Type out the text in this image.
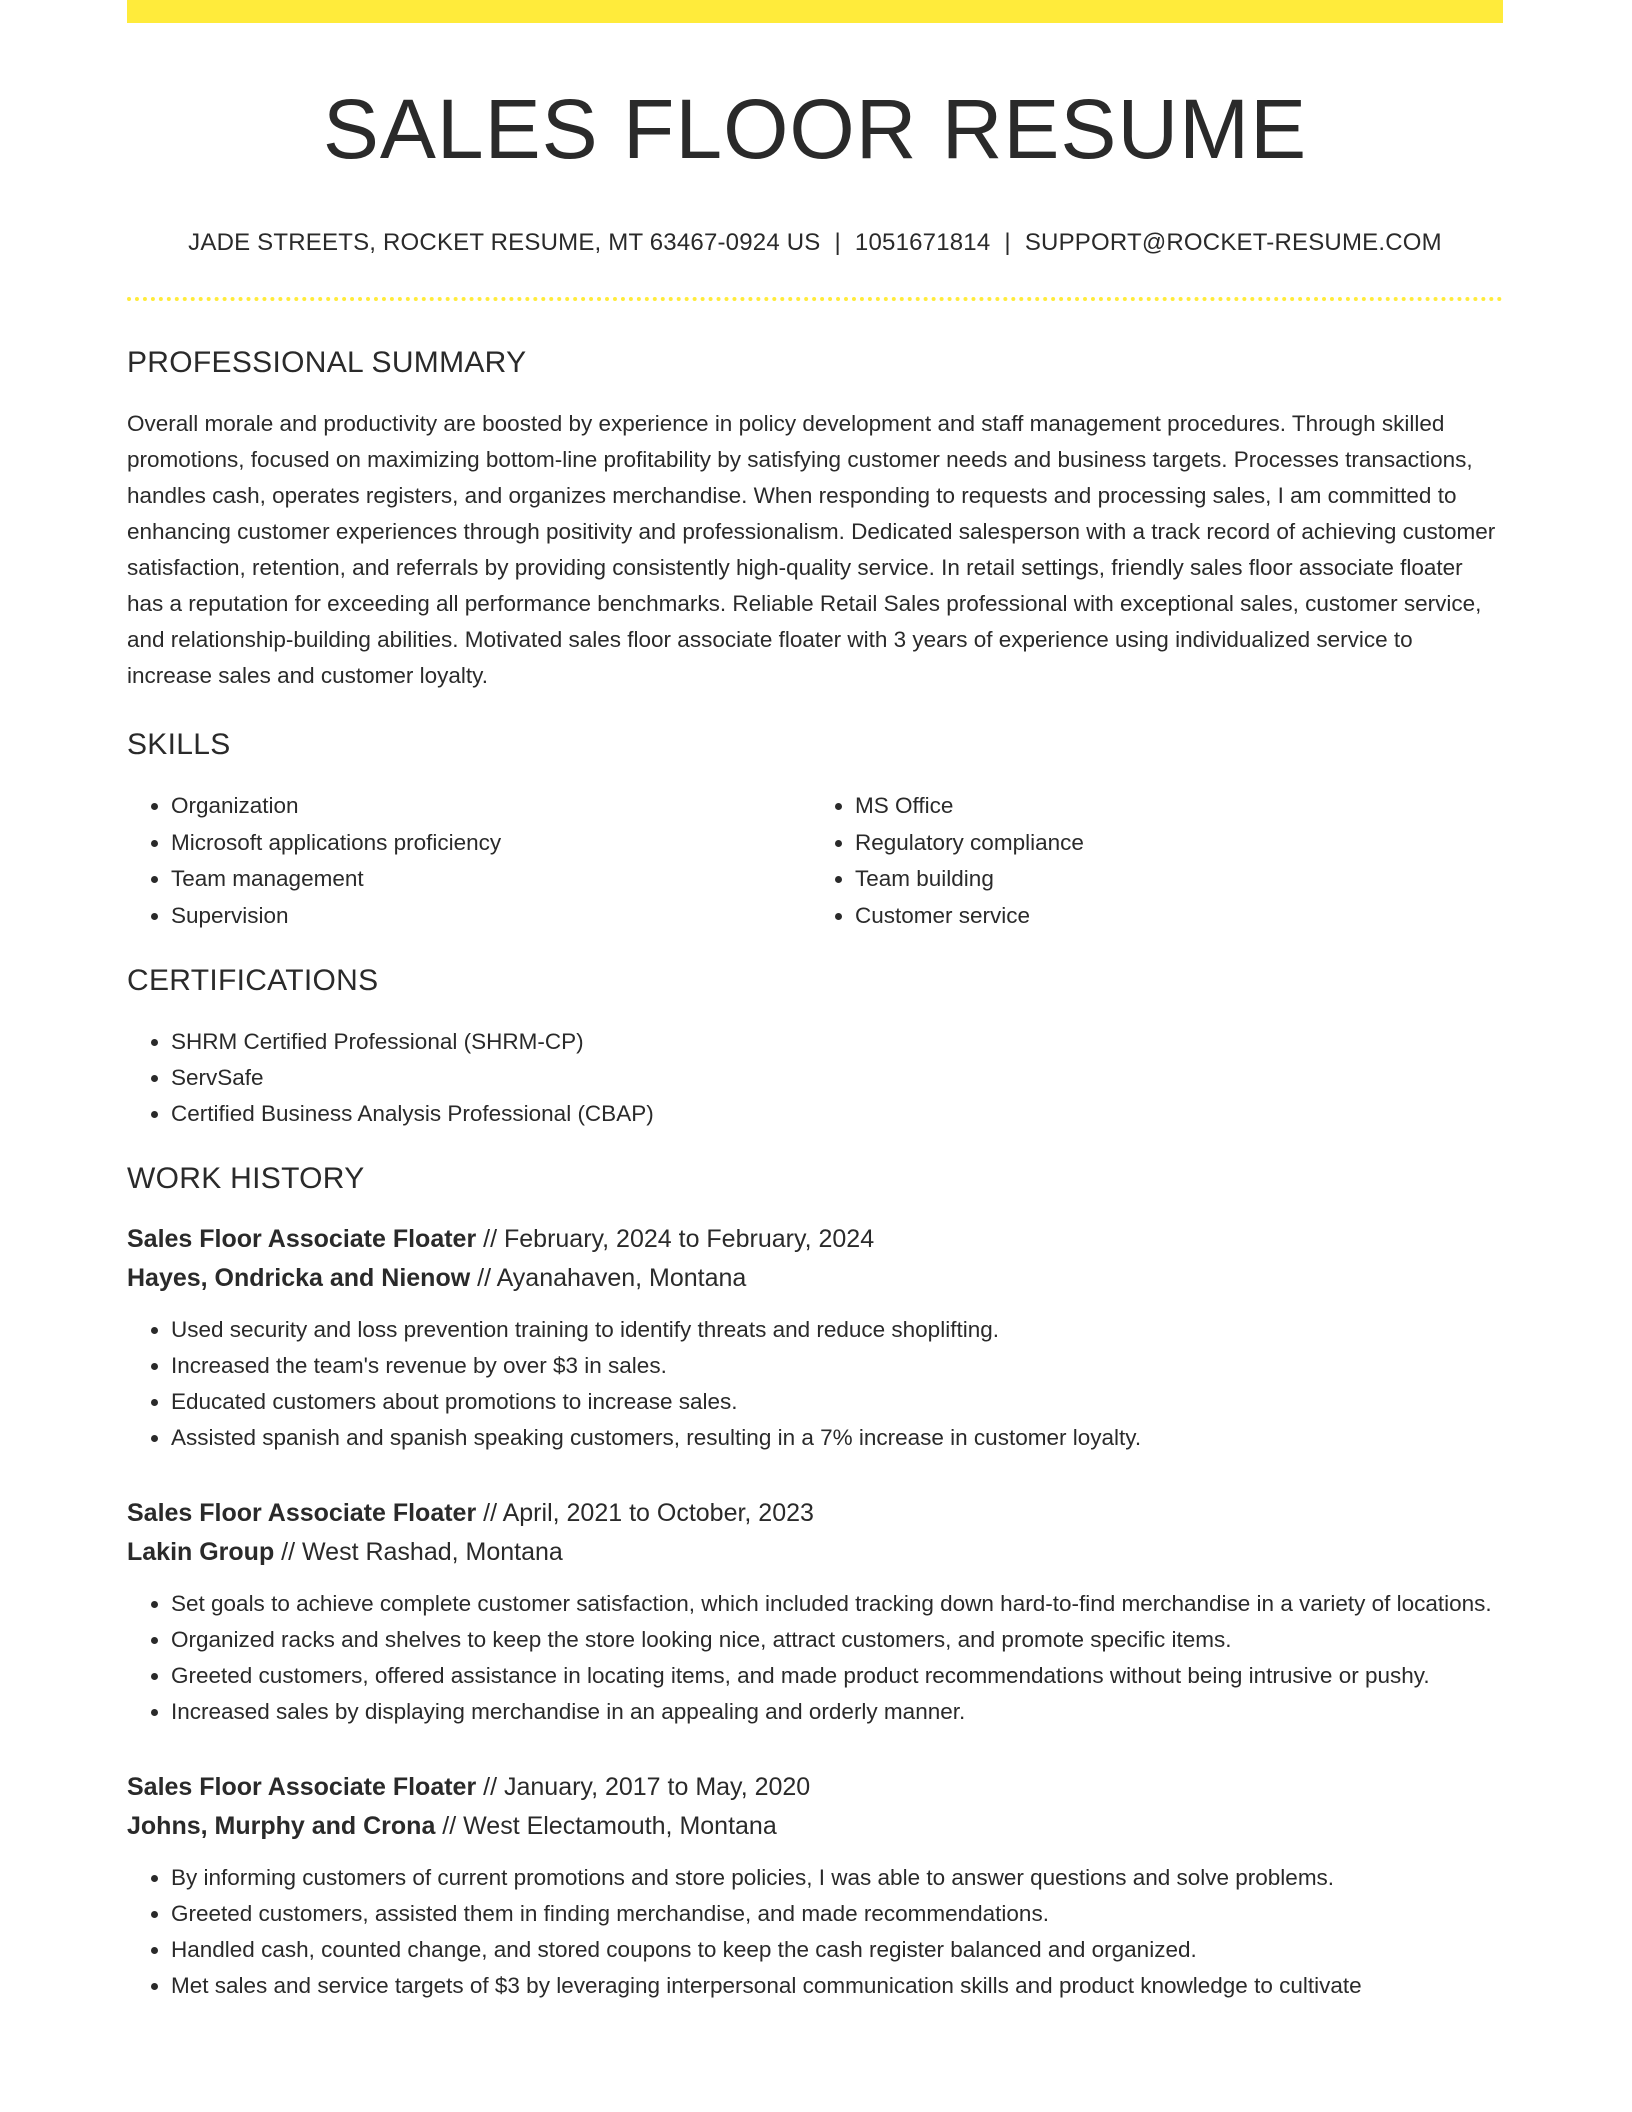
SALES FLOOR RESUME
JADE STREETS, ROCKET RESUME, MT 63467-0924 US | 1051671814 | SUPPORT@ROCKET-RESUME.COM
PROFESSIONAL SUMMARY

Overall morale and productivity are boosted by experience in policy development and staff management procedures. Through skilled promotions, focused on maximizing bottom-line profitability by satisfying customer needs and business targets. Processes transactions, handles cash, operates registers, and organizes merchandise. When responding to requests and processing sales, I am committed to enhancing customer experiences through positivity and professionalism. Dedicated salesperson with a track record of achieving customer satisfaction, retention, and referrals by providing consistently high-quality service. In retail settings, friendly sales floor associate floater has a reputation for exceeding all performance benchmarks. Reliable Retail Sales professional with exceptional sales, customer service, and relationship-building abilities. Motivated sales floor associate floater with 3 years of experience using individualized service to increase sales and customer loyalty.

SKILLS
• Organization
• Microsoft applications proficiency
• Team management
• Supervision
• MS Office
• Regulatory compliance
• Team building
• Customer service
CERTIFICATIONS
• SHRM Certified Professional (SHRM-CP)
• ServSafe
• Certified Business Analysis Professional (CBAP)
WORK HISTORY
Sales Floor Associate Floater // February, 2024 to February, 2024
Hayes, Ondricka and Nienow // Ayanahaven, Montana
• Used security and loss prevention training to identify threats and reduce shoplifting.
• Increased the team's revenue by over $3 in sales.
• Educated customers about promotions to increase sales.
• Assisted spanish and spanish speaking customers, resulting in a 7% increase in customer loyalty.
Sales Floor Associate Floater // April, 2021 to October, 2023
Lakin Group // West Rashad, Montana
• Set goals to achieve complete customer satisfaction, which included tracking down hard-to-find merchandise in a variety of locations.
• Organized racks and shelves to keep the store looking nice, attract customers, and promote specific items.
• Greeted customers, offered assistance in locating items, and made product recommendations without being intrusive or pushy.
• Increased sales by displaying merchandise in an appealing and orderly manner.
Sales Floor Associate Floater // January, 2017 to May, 2020
Johns, Murphy and Crona // West Electamouth, Montana
• By informing customers of current promotions and store policies, I was able to answer questions and solve problems.
• Greeted customers, assisted them in finding merchandise, and made recommendations.
• Handled cash, counted change, and stored coupons to keep the cash register balanced and organized.
• Met sales and service targets of $3 by leveraging interpersonal communication skills and product knowledge to cultivate
